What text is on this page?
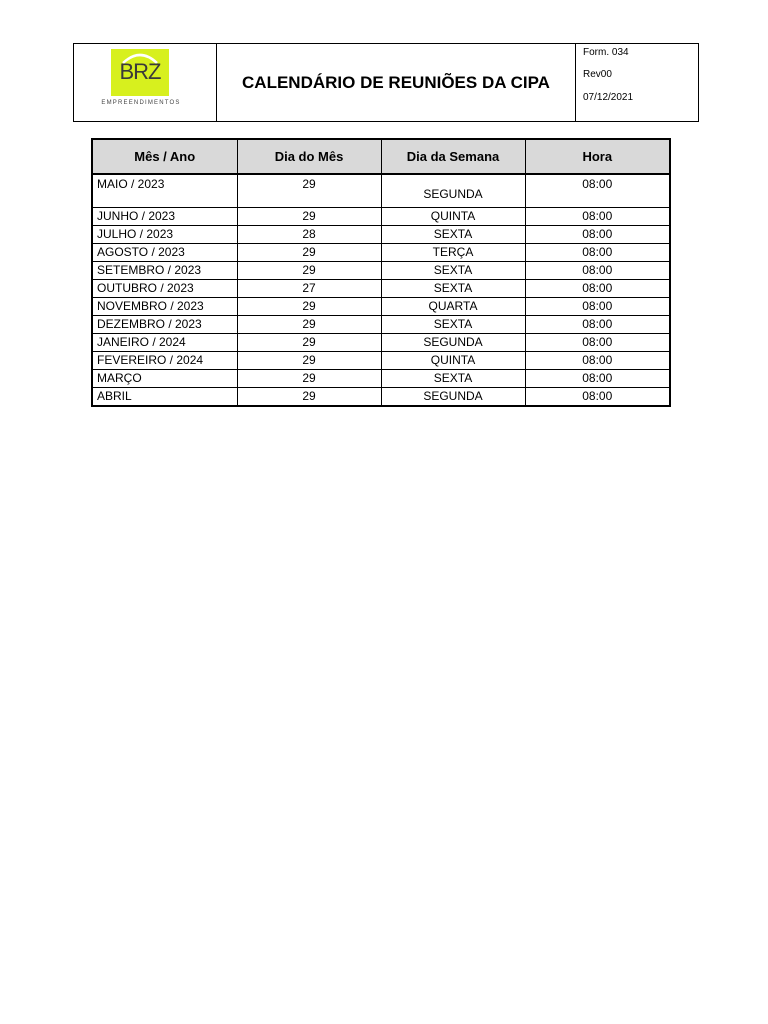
BRZ
EMPREENDIMENTOS
CALENDÁRIO DE REUNIÕES DA CIPA
Form. 034
Rev00
07/12/2021
Mês / Ano	Dia do Mês	Dia da Semana	Hora
MAIO / 2023	29	SEGUNDA	08:00
JUNHO / 2023	29	QUINTA	08:00
JULHO / 2023	28	SEXTA	08:00
AGOSTO / 2023	29	TERÇA	08:00
SETEMBRO / 2023	29	SEXTA	08:00
OUTUBRO / 2023	27	SEXTA	08:00
NOVEMBRO / 2023	29	QUARTA	08:00
DEZEMBRO / 2023	29	SEXTA	08:00
JANEIRO / 2024	29	SEGUNDA	08:00
FEVEREIRO / 2024	29	QUINTA	08:00
MARÇO	29	SEXTA	08:00
ABRIL	29	SEGUNDA	08:00
